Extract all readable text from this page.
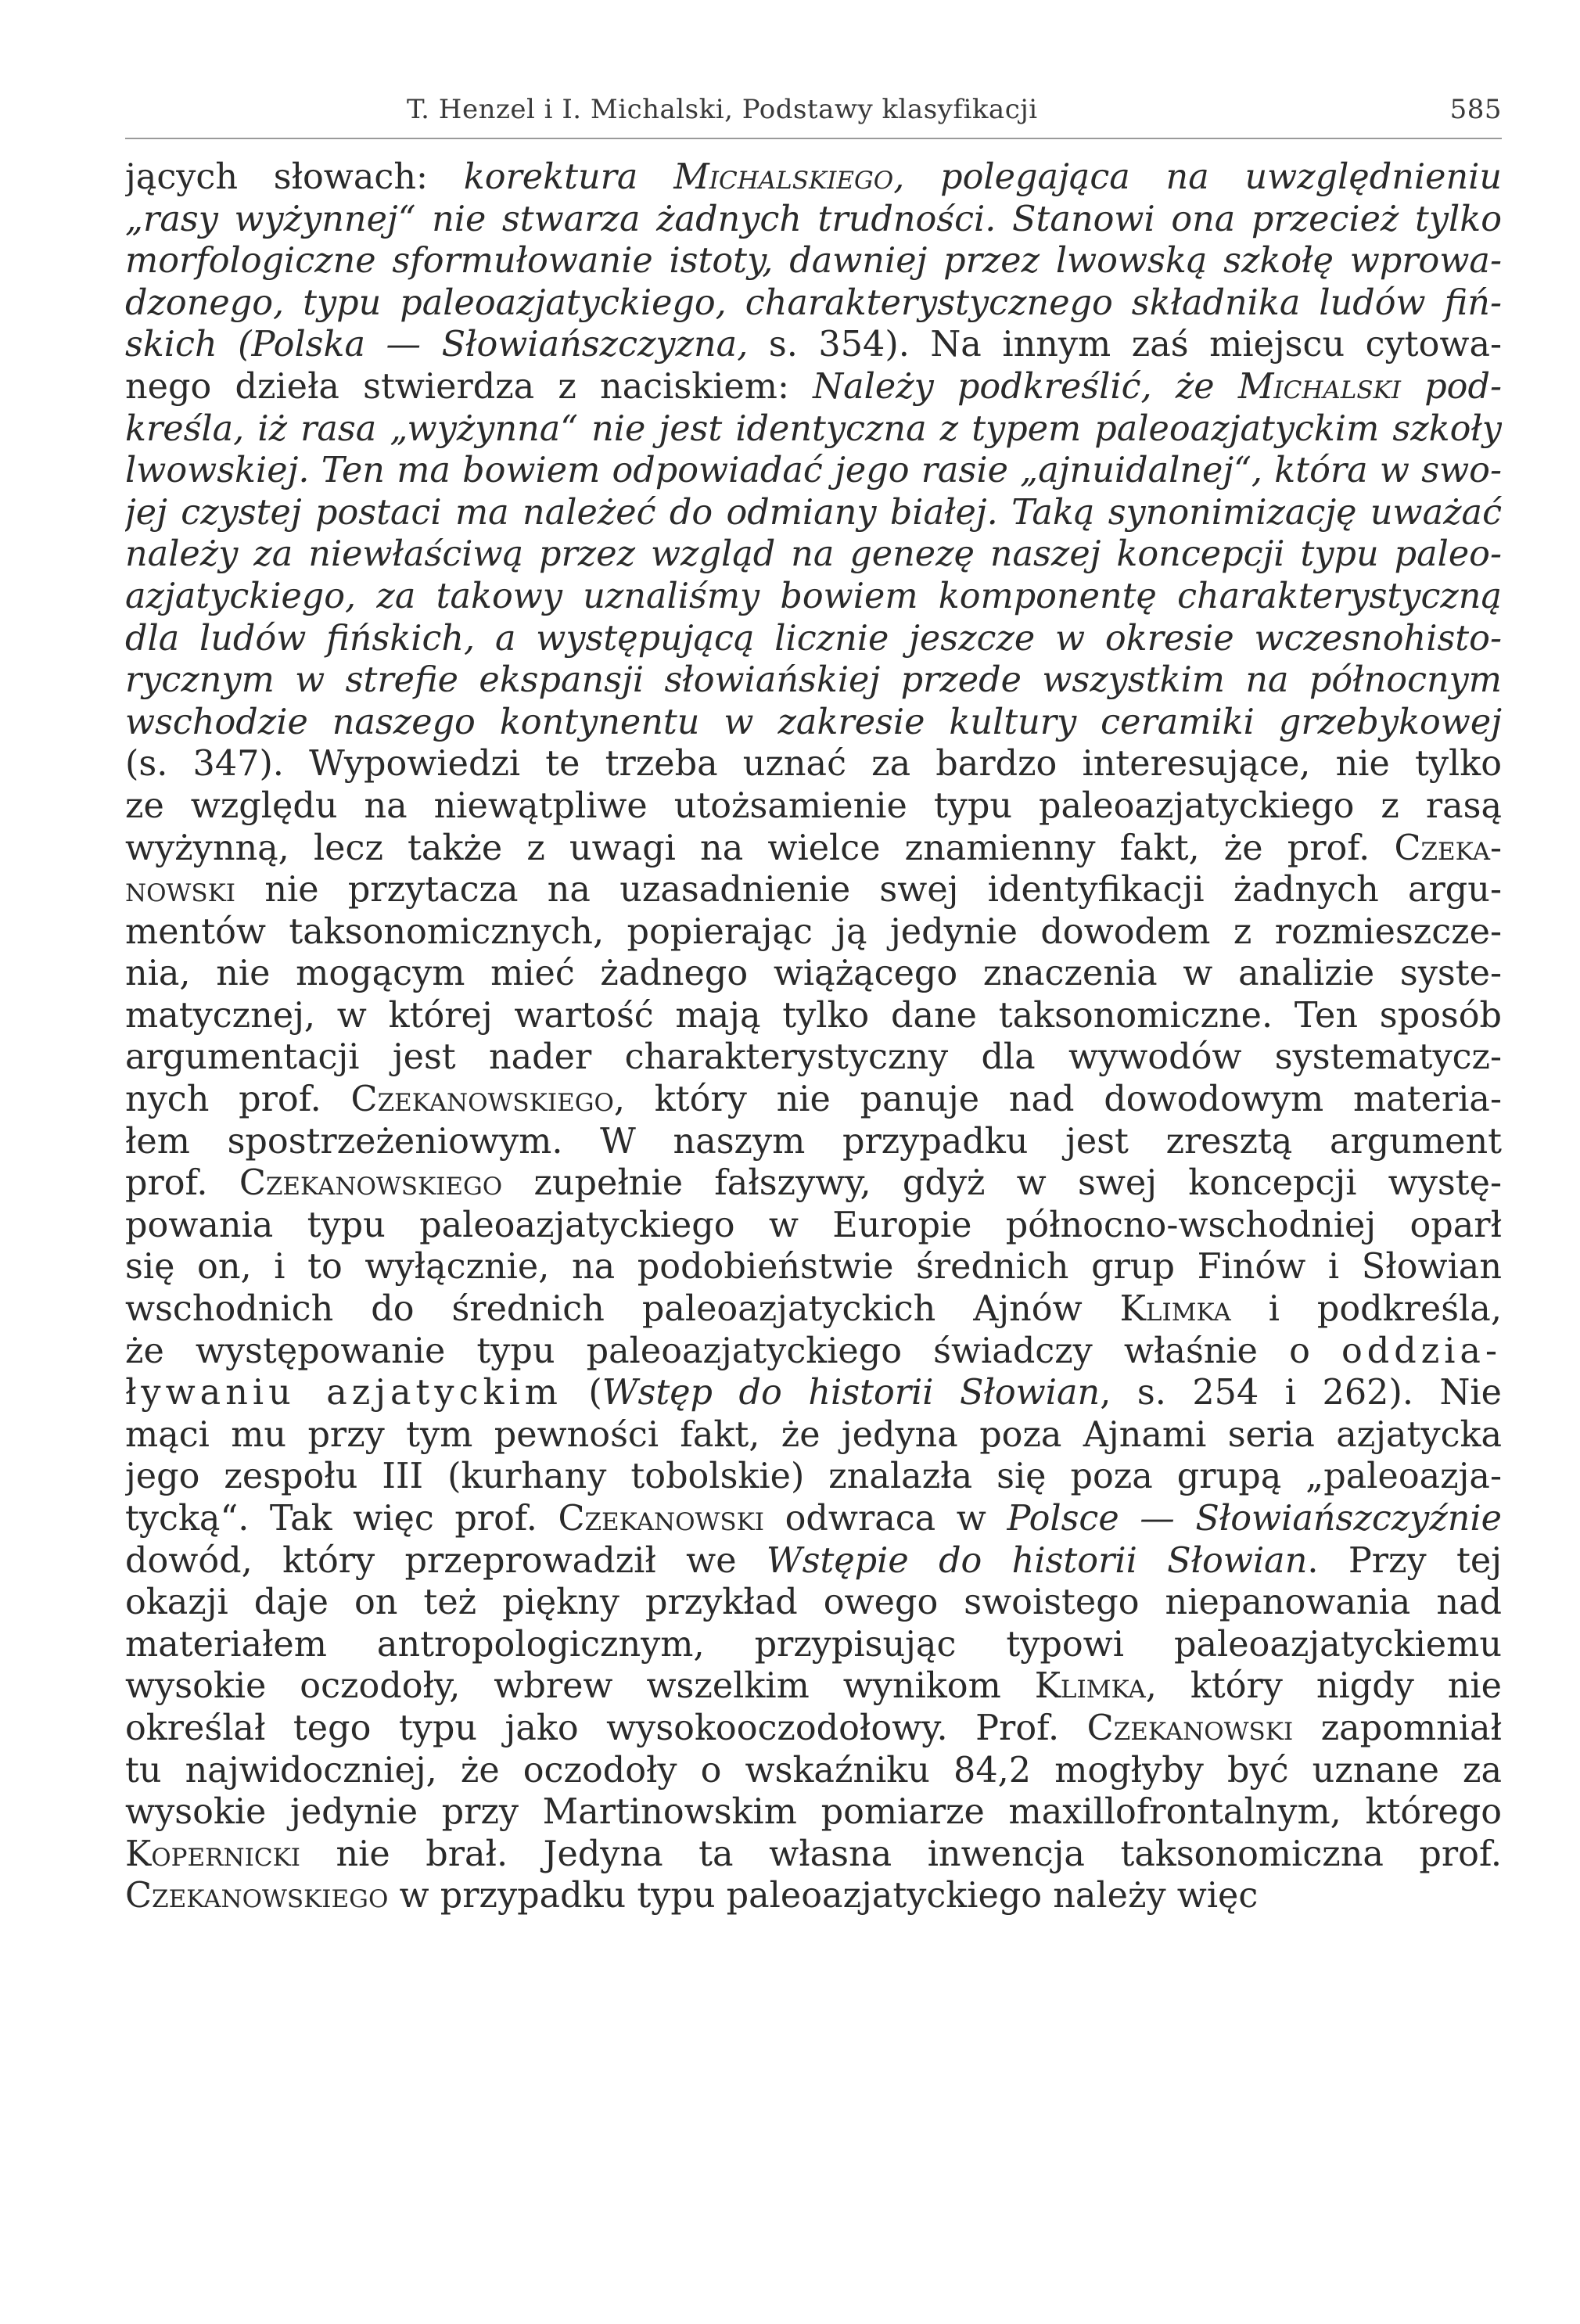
T. Henzel i I. Michalski, Podstawy klasyfikacji	585
jących słowach: korektura Michalskiego, polegająca na uwzględnieniu
„rasy wyżynnej“ nie stwarza żadnych trudności. Stanowi ona przecież tylko
morfologiczne sformułowanie istoty, dawniej przez lwowską szkołę wprowa-
dzonego, typu paleoazjatyckiego, charakterystycznego składnika ludów fiń-
skich (Polska — Słowiańszczyzna, s. 354). Na innym zaś miejscu cytowa-
nego dzieła stwierdza z naciskiem: Należy podkreślić, że Michalski pod-
kreśla, iż rasa „wyżynna“ nie jest identyczna z typem paleoazjatyckim szkoły
lwowskiej. Ten ma bowiem odpowiadać jego rasie „ajnuidalnej“, która w swo-
jej czystej postaci ma należeć do odmiany białej. Taką synonimizację uważać
należy za niewłaściwą przez wzgląd na genezę naszej koncepcji typu paleo-
azjatyckiego, za takowy uznaliśmy bowiem komponentę charakterystyczną
dla ludów fińskich, a występującą licznie jeszcze w okresie wczesnohisto-
rycznym w strefie ekspansji słowiańskiej przede wszystkim na północnym
wschodzie naszego kontynentu w zakresie kultury ceramiki grzebykowej
(s. 347). Wypowiedzi te trzeba uznać za bardzo interesujące, nie tylko
ze względu na niewątpliwe utożsamienie typu paleoazjatyckiego z rasą
wyżynną, lecz także z uwagi na wielce znamienny fakt, że prof. Czeka-
nowski nie przytacza na uzasadnienie swej identyfikacji żadnych argu-
mentów taksonomicznych, popierając ją jedynie dowodem z rozmieszcze-
nia, nie mogącym mieć żadnego wiążącego znaczenia w analizie syste-
matycznej, w której wartość mają tylko dane taksonomiczne. Ten sposób
argumentacji jest nader charakterystyczny dla wywodów systematycz-
nych prof. Czekanowskiego, który nie panuje nad dowodowym materia-
łem spostrzeżeniowym. W naszym przypadku jest zresztą argument
prof. Czekanowskiego zupełnie fałszywy, gdyż w swej koncepcji wystę-
powania typu paleoazjatyckiego w Europie północno-wschodniej oparł
się on, i to wyłącznie, na podobieństwie średnich grup Finów i Słowian
wschodnich do średnich paleoazjatyckich Ajnów Klimka i podkreśla,
że występowanie typu paleoazjatyckiego świadczy właśnie o oddzia-
ływaniu azjatyckim (Wstęp do historii Słowian, s. 254 i 262). Nie
mąci mu przy tym pewności fakt, że jedyna poza Ajnami seria azjatycka
jego zespołu III (kurhany tobolskie) znalazła się poza grupą „paleoazja-
tycką“. Tak więc prof. Czekanowski odwraca w Polsce — Słowiańszczyźnie
dowód, który przeprowadził we Wstępie do historii Słowian. Przy tej
okazji daje on też piękny przykład owego swoistego niepanowania nad
materiałem antropologicznym, przypisując typowi paleoazjatyckiemu
wysokie oczodoły, wbrew wszelkim wynikom Klimka, który nigdy nie
określał tego typu jako wysokooczodołowy. Prof. Czekanowski zapomniał
tu najwidoczniej, że oczodoły o wskaźniku 84,2 mogłyby być uznane za
wysokie jedynie przy Martinowskim pomiarze maxillofrontalnym, którego
Kopernicki nie brał. Jedyna ta własna inwencja taksonomiczna prof.
Czekanowskiego w przypadku typu paleoazjatyckiego należy więc
